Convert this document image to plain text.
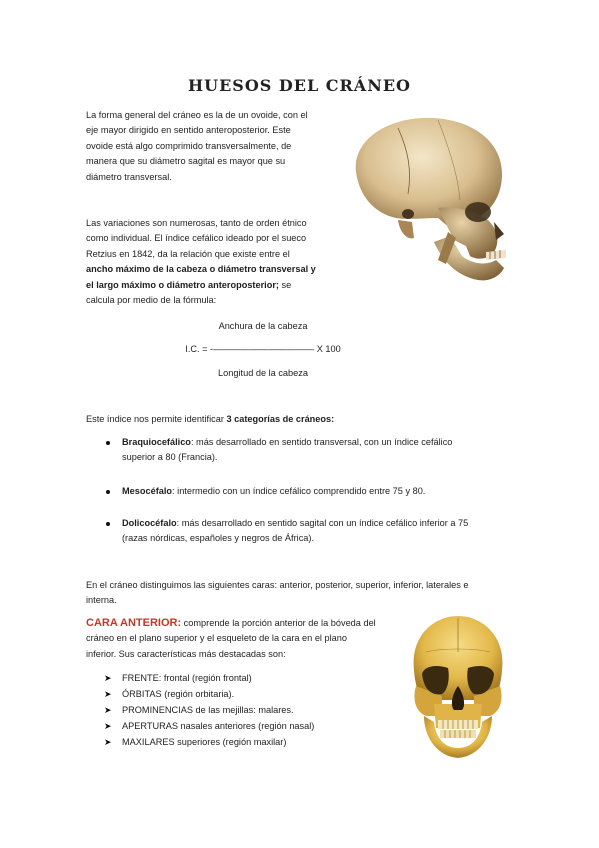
HUESOS DEL CRÁNEO
La forma general del cráneo es la de un ovoide, con el
eje mayor dirigido en sentido anteroposterior. Este
ovoide está algo comprimido transversalmente, de
manera que su diámetro sagital es mayor que su
diámetro transversal.
Las variaciones son numerosas, tanto de orden étnico
como individual. El índice cefálico ideado por el sueco
Retzius en 1842, da la relación que existe entre el
ancho máximo de la cabeza o diámetro transversal y
el largo máximo o diámetro anteroposterior; se
calcula por medio de la fórmula:
Anchura de la cabeza
I.C. = -——————————— X 100
Longitud de la cabeza
Este índice nos permite identificar 3 categorías de cráneos:
Braquiocefálico: más desarrollado en sentido transversal, con un índice cefálico
superior a 80 (Francia).
Mesocéfalo: intermedio con un índice cefálico comprendido entre 75 y 80.
Dolicocéfalo: más desarrollado en sentido sagital con un índice cefálico inferior a 75
(razas nórdicas, españoles y negros de África).
En el cráneo distinguimos las siguientes caras: anterior, posterior, superior, inferior, laterales e
interna.
CARA ANTERIOR: comprende la porción anterior de la bóveda del
cráneo en el plano superior y el esqueleto de la cara en el plano
inferior. Sus características más destacadas son:
➤ FRENTE: frontal (región frontal)
➤ ÓRBITAS (región orbitaria).
➤ PROMINENCIAS de las mejillas: malares.
➤ APERTURAS nasales anteriores (región nasal)
➤ MAXILARES superiores (región maxilar)
